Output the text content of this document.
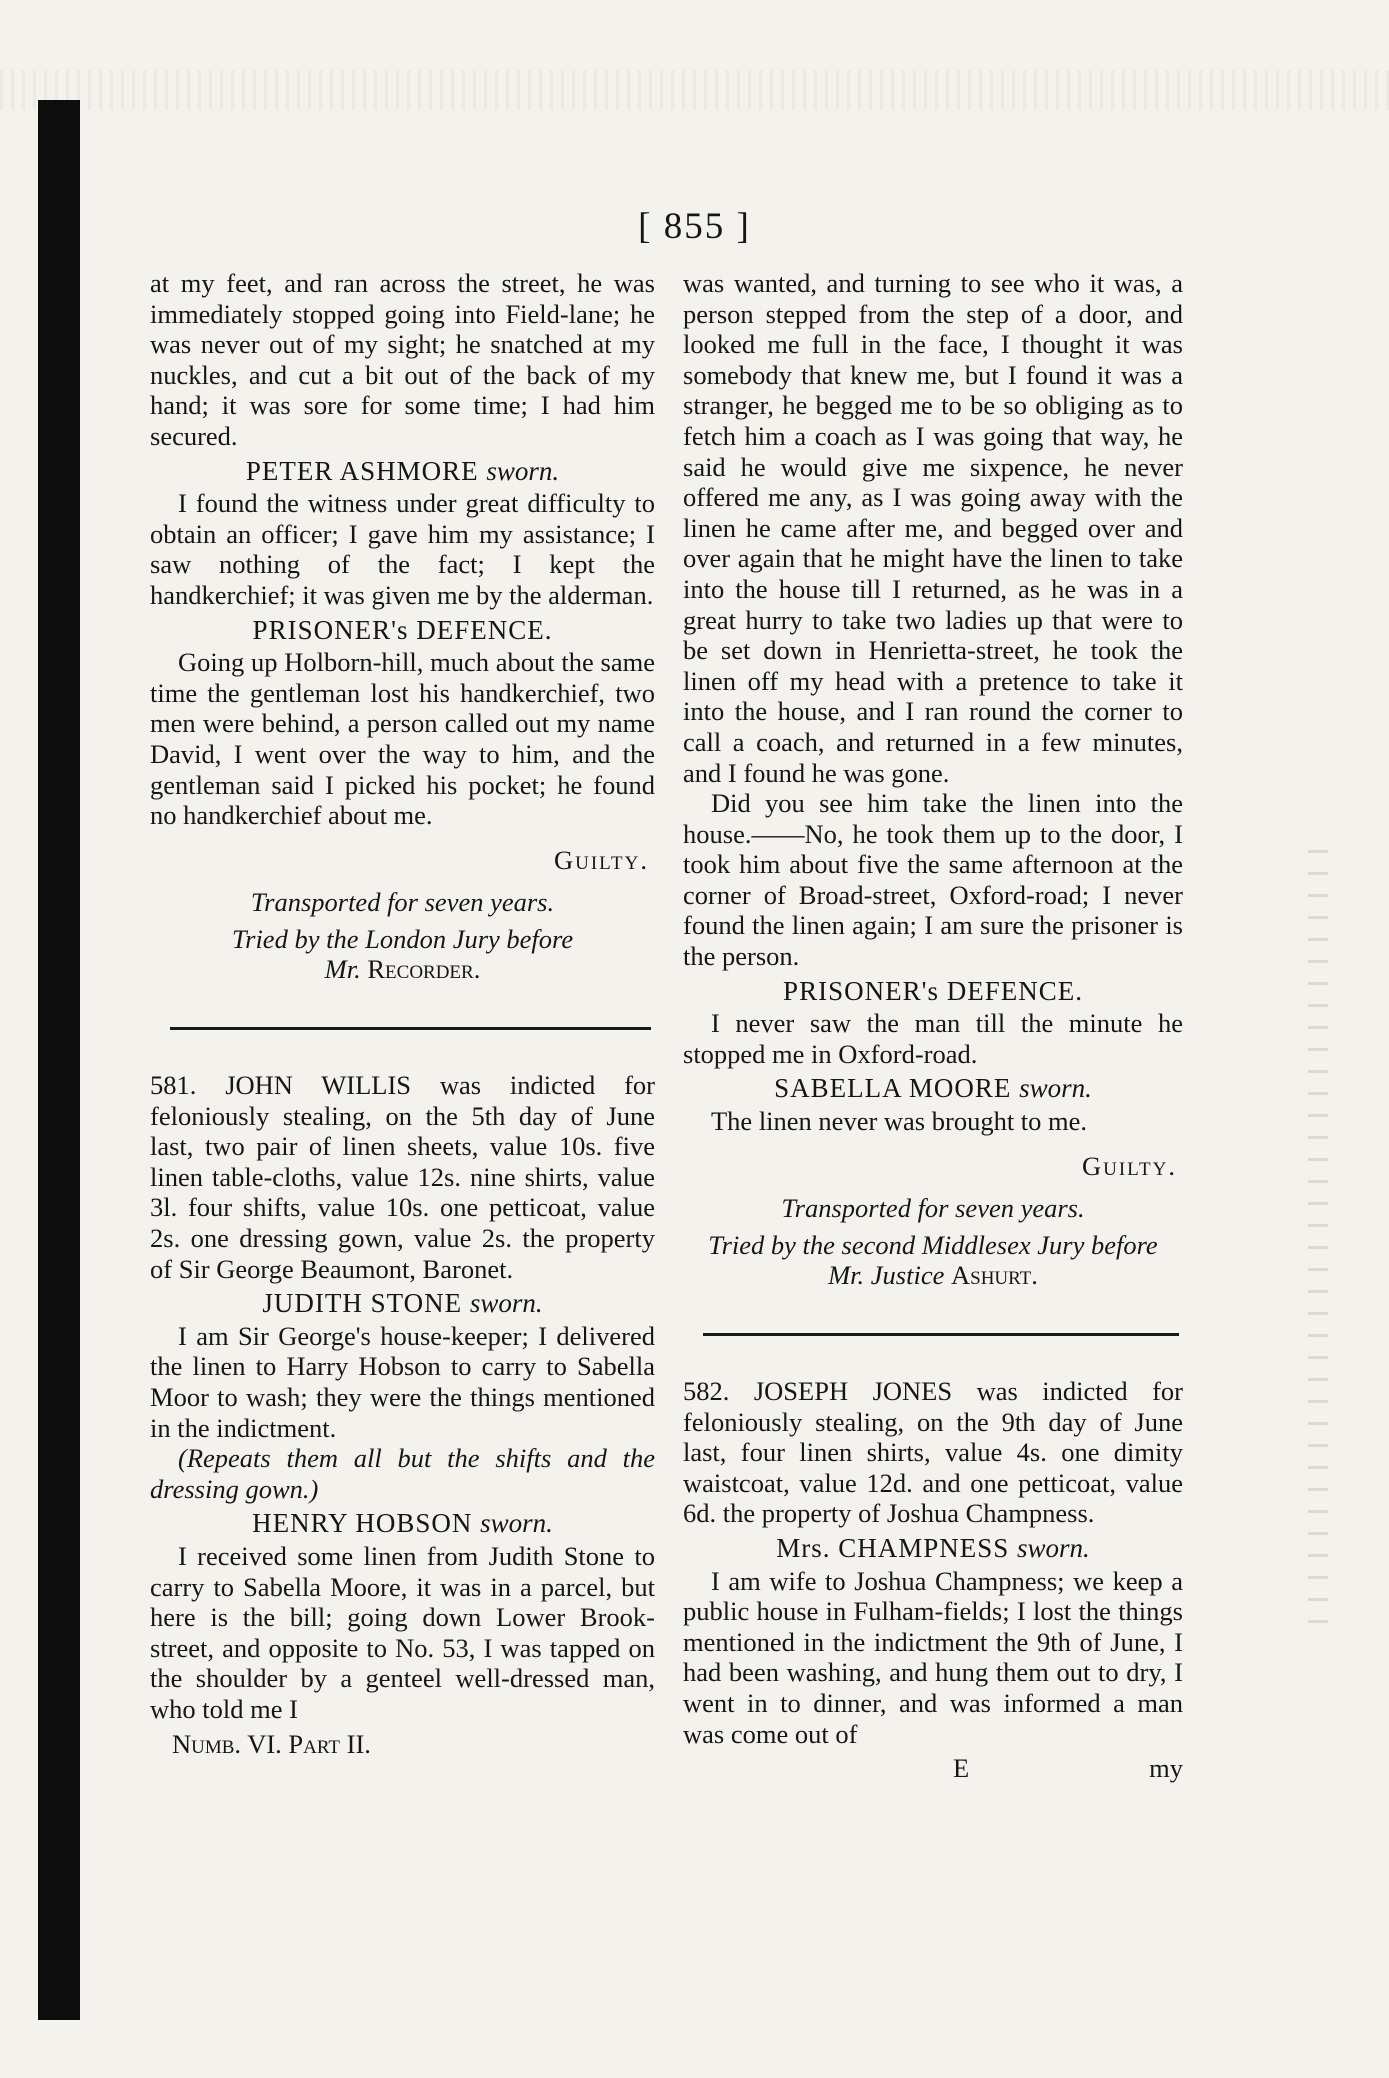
[ 855 ]

at my feet, and ran across the street, he was immediately stopped going into Field-lane; he was never out of my sight; he snatched at my nuckles, and cut a bit out of the back of my hand; it was sore for some time; I had him secured.

PETER ASHMORE sworn.

I found the witness under great difficulty to obtain an officer; I gave him my assistance; I saw nothing of the fact; I kept the handkerchief; it was given me by the alderman.

PRISONER's DEFENCE.

Going up Holborn-hill, much about the same time the gentleman lost his handkerchief, two men were behind, a person called out my name David, I went over the way to him, and the gentleman said I picked his pocket; he found no handkerchief about me.

Guilty.
Transported for seven years.
Tried by the London Jury before
Mr. Recorder.

581. JOHN WILLIS was indicted for feloniously stealing, on the 5th day of June last, two pair of linen sheets, value 10s. five linen table-cloths, value 12s. nine shirts, value 3l. four shifts, value 10s. one petticoat, value 2s. one dressing gown, value 2s. the property of Sir George Beaumont, Baronet.

JUDITH STONE sworn.

I am Sir George's house-keeper; I delivered the linen to Harry Hobson to carry to Sabella Moor to wash; they were the things mentioned in the indictment.

(Repeats them all but the shifts and the dressing gown.)

HENRY HOBSON sworn.

I received some linen from Judith Stone to carry to Sabella Moore, it was in a parcel, but here is the bill; going down Lower Brook-street, and opposite to No. 53, I was tapped on the shoulder by a genteel well-dressed man, who told me I

Numb. VI. Part II.

was wanted, and turning to see who it was, a person stepped from the step of a door, and looked me full in the face, I thought it was somebody that knew me, but I found it was a stranger, he begged me to be so obliging as to fetch him a coach as I was going that way, he said he would give me sixpence, he never offered me any, as I was going away with the linen he came after me, and begged over and over again that he might have the linen to take into the house till I returned, as he was in a great hurry to take two ladies up that were to be set down in Henrietta-street, he took the linen off my head with a pretence to take it into the house, and I ran round the corner to call a coach, and returned in a few minutes, and I found he was gone.

Did you see him take the linen into the house.——No, he took them up to the door, I took him about five the same afternoon at the corner of Broad-street, Oxford-road; I never found the linen again; I am sure the prisoner is the person.

PRISONER's DEFENCE.

I never saw the man till the minute he stopped me in Oxford-road.

SABELLA MOORE sworn.

The linen never was brought to me.

Guilty.
Transported for seven years.
Tried by the second Middlesex Jury before
Mr. Justice Ashurt.

582. JOSEPH JONES was indicted for feloniously stealing, on the 9th day of June last, four linen shirts, value 4s. one dimity waistcoat, value 12d. and one petticoat, value 6d. the property of Joshua Champness.

Mrs. CHAMPNESS sworn.

I am wife to Joshua Champness; we keep a public house in Fulham-fields; I lost the things mentioned in the indictment the 9th of June, I had been washing, and hung them out to dry, I went in to dinner, and was informed a man was come out of

E	my
